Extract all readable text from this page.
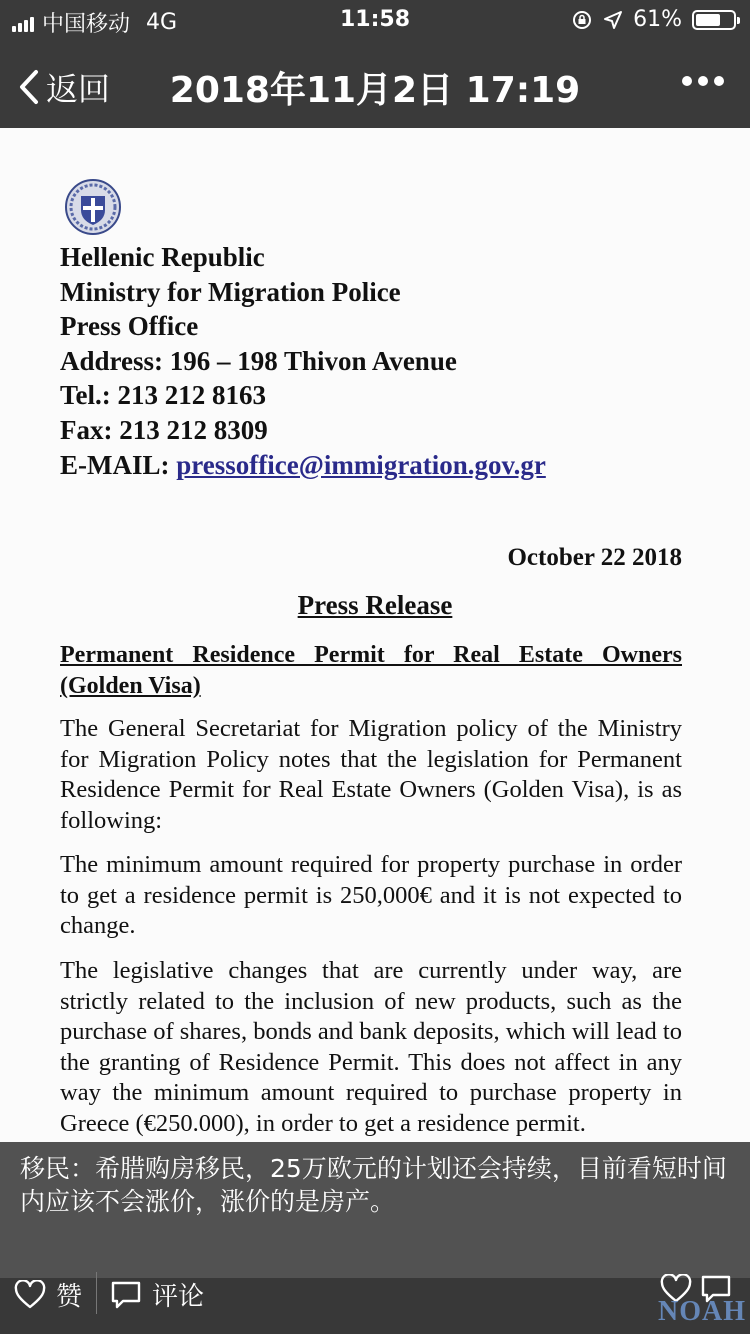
中国移动 4G	11:58	61%
返回	2018年11月2日 17:19
Hellenic Republic
Ministry for Migration Police
Press Office
Address: 196 – 198 Thivon Avenue
Tel.: 213 212 8163
Fax: 213 212 8309
E-MAIL: pressoffice@immigration.gov.gr
October 22 2018
Press Release
Permanent Residence Permit for Real Estate Owners
(Golden Visa)
The General Secretariat for Migration policy of the Ministry for Migration Policy notes that the legislation for Permanent Residence Permit for Real Estate Owners (Golden Visa), is as following:
The minimum amount required for property purchase in order to get a residence permit is 250,000€ and it is not expected to change.
The legislative changes that are currently under way, are strictly related to the inclusion of new products, such as the purchase of shares, bonds and bank deposits, which will lead to the granting of Residence Permit. This does not affect in any way the minimum amount required to purchase property in Greece (€250.000), in order to get a residence permit.
移民：希腊购房移民，25万欧元的计划还会持续，目前看短时间内应该不会涨价，涨价的是房产。
赞	评论	NOAH
